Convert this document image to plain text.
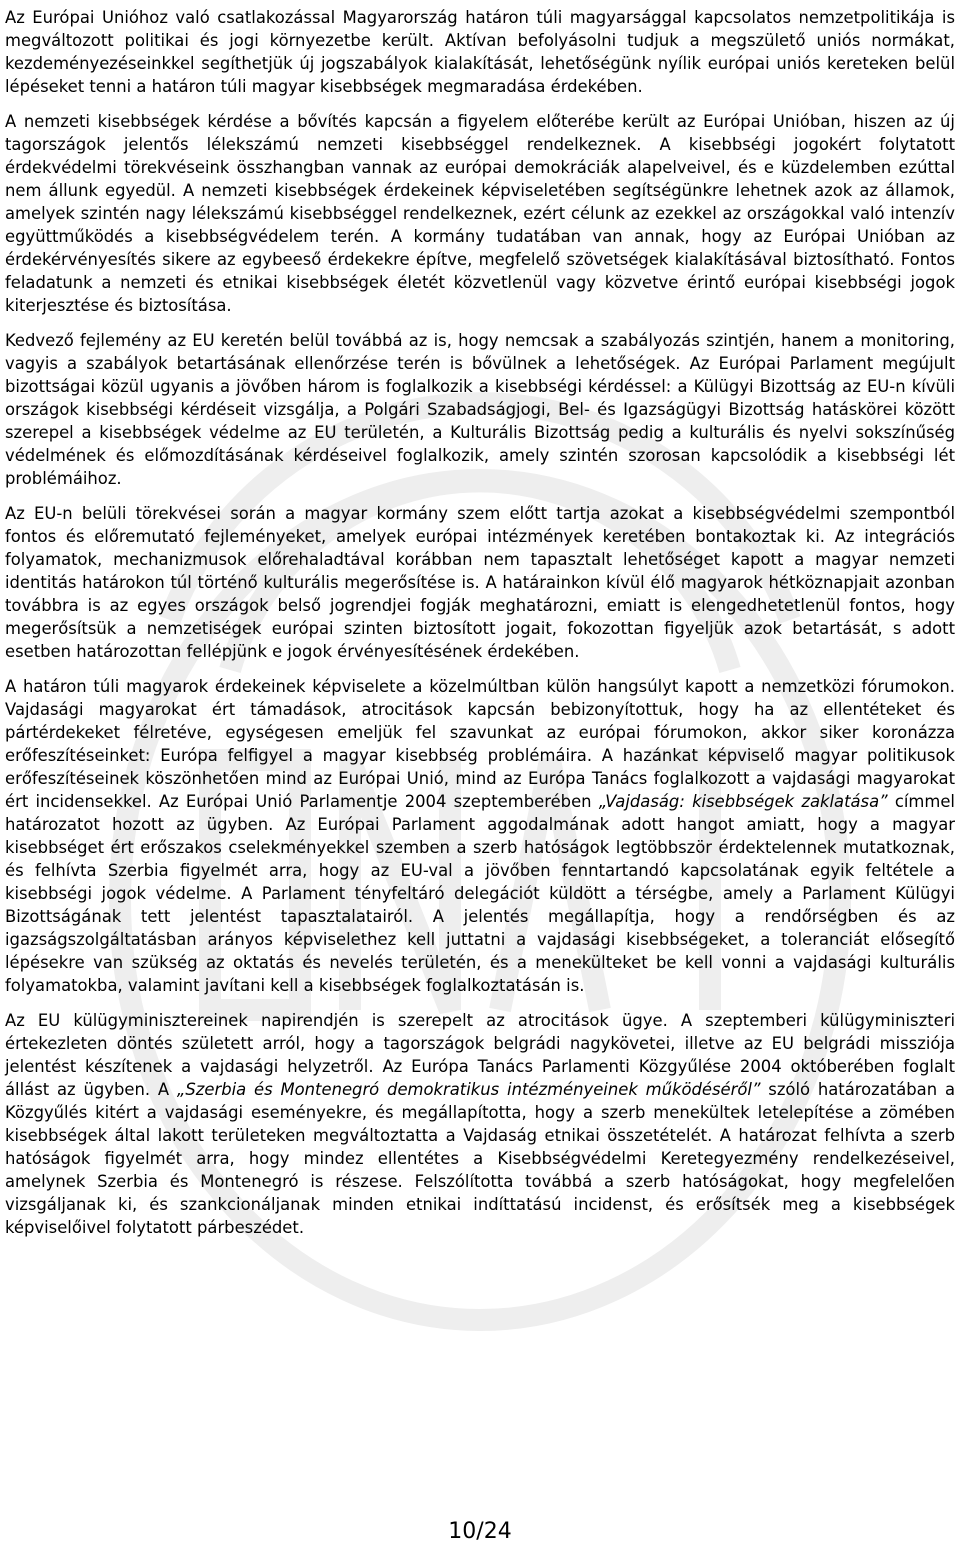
Az Európai Unióhoz való csatlakozással Magyarország határon túli magyarsággal kapcsolatos nemzetpolitikája is megváltozott politikai és jogi környezetbe került. Aktívan befolyásolni tudjuk a megszülető uniós normákat, kezdeményezéseinkkel segíthetjük új jogszabályok kialakítását, lehetőségünk nyílik európai uniós kereteken belül lépéseket tenni a határon túli magyar kisebbségek megmaradása érdekében.

A nemzeti kisebbségek kérdése a bővítés kapcsán a figyelem előterébe került az Európai Unióban, hiszen az új tagországok jelentős lélekszámú nemzeti kisebbséggel rendelkeznek. A kisebbségi jogokért folytatott érdekvédelmi törekvéseink összhangban vannak az európai demokráciák alapelveivel, és e küzdelemben ezúttal nem állunk egyedül. A nemzeti kisebbségek érdekeinek képviseletében segítségünkre lehetnek azok az államok, amelyek szintén nagy lélekszámú kisebbséggel rendelkeznek, ezért célunk az ezekkel az országokkal való intenzív együttműködés a kisebbségvédelem terén. A kormány tudatában van annak, hogy az Európai Unióban az érdekérvényesítés sikere az egybeeső érdekekre építve, megfelelő szövetségek kialakításával biztosítható. Fontos feladatunk a nemzeti és etnikai kisebbségek életét közvetlenül vagy közvetve érintő európai kisebbségi jogok kiterjesztése és biztosítása.

Kedvező fejlemény az EU keretén belül továbbá az is, hogy nemcsak a szabályozás szintjén, hanem a monitoring, vagyis a szabályok betartásának ellenőrzése terén is bővülnek a lehetőségek. Az Európai Parlament megújult bizottságai közül ugyanis a jövőben három is foglalkozik a kisebbségi kérdéssel: a Külügyi Bizottság az EU-n kívüli országok kisebbségi kérdéseit vizsgálja, a Polgári Szabadságjogi, Bel- és Igazságügyi Bizottság hatáskörei között szerepel a kisebbségek védelme az EU területén, a Kulturális Bizottság pedig a kulturális és nyelvi sokszínűség védelmének és előmozdításának kérdéseivel foglalkozik, amely szintén szorosan kapcsolódik a kisebbségi lét problémáihoz.

Az EU-n belüli törekvései során a magyar kormány szem előtt tartja azokat a kisebbségvédelmi szempontból fontos és előremutató fejleményeket, amelyek európai intézmények keretében bontakoztak ki. Az integrációs folyamatok, mechanizmusok előrehaladtával korábban nem tapasztalt lehetőséget kapott a magyar nemzeti identitás határokon túl történő kulturális megerősítése is. A határainkon kívül élő magyarok hétköznapjait azonban továbbra is az egyes országok belső jogrendjei fogják meghatározni, emiatt is elengedhetetlenül fontos, hogy megerősítsük a nemzetiségek európai szinten biztosított jogait, fokozottan figyeljük azok betartását, s adott esetben határozottan fellépjünk e jogok érvényesítésének érdekében.

A határon túli magyarok érdekeinek képviselete a közelmúltban külön hangsúlyt kapott a nemzetközi fórumokon. Vajdasági magyarokat ért támadások, atrocitások kapcsán bebizonyítottuk, hogy ha az ellentéteket és pártérdekeket félretéve, egységesen emeljük fel szavunkat az európai fórumokon, akkor siker koronázza erőfeszítéseinket: Európa felfigyel a magyar kisebbség problémáira. A hazánkat képviselő magyar politikusok erőfeszítéseinek köszönhetően mind az Európai Unió, mind az Európa Tanács foglalkozott a vajdasági magyarokat ért incidensekkel. Az Európai Unió Parlamentje 2004 szeptemberében „Vajdaság: kisebbségek zaklatása” címmel határozatot hozott az ügyben. Az Európai Parlament aggodalmának adott hangot amiatt, hogy a magyar kisebbséget ért erőszakos cselekményekkel szemben a szerb hatóságok legtöbbször érdektelennek mutatkoznak, és felhívta Szerbia figyelmét arra, hogy az EU-val a jövőben fenntartandó kapcsolatának egyik feltétele a kisebbségi jogok védelme. A Parlament tényfeltáró delegációt küldött a térségbe, amely a Parlament Külügyi Bizottságának tett jelentést tapasztalatairól. A jelentés megállapítja, hogy a rendőrségben és az igazságszolgáltatásban arányos képviselethez kell juttatni a vajdasági kisebbségeket, a toleranciát elősegítő lépésekre van szükség az oktatás és nevelés területén, és a menekülteket be kell vonni a vajdasági kulturális folyamatokba, valamint javítani kell a kisebbségek foglalkoztatásán is.

Az EU külügyminisztereinek napirendjén is szerepelt az atrocitások ügye. A szeptemberi külügyminiszteri értekezleten döntés született arról, hogy a tagországok belgrádi nagykövetei, illetve az EU belgrádi missziója jelentést készítenek a vajdasági helyzetről. Az Európa Tanács Parlamenti Közgyűlése 2004 októberében foglalt állást az ügyben. A „Szerbia és Montenegró demokratikus intézményeinek működéséről” szóló határozatában a Közgyűlés kitért a vajdasági eseményekre, és megállapította, hogy a szerb menekültek letelepítése a zömében kisebbségek által lakott területeken megváltoztatta a Vajdaság etnikai összetételét. A határozat felhívta a szerb hatóságok figyelmét arra, hogy mindez ellentétes a Kisebbségvédelmi Keretegyezmény rendelkezéseivel, amelynek Szerbia és Montenegró is részese. Felszólította továbbá a szerb hatóságokat, hogy megfelelően vizsgáljanak ki, és szankcionáljanak minden etnikai indíttatású incidenst, és erősítsék meg a kisebbségek képviselőivel folytatott párbeszédet.

10/24
